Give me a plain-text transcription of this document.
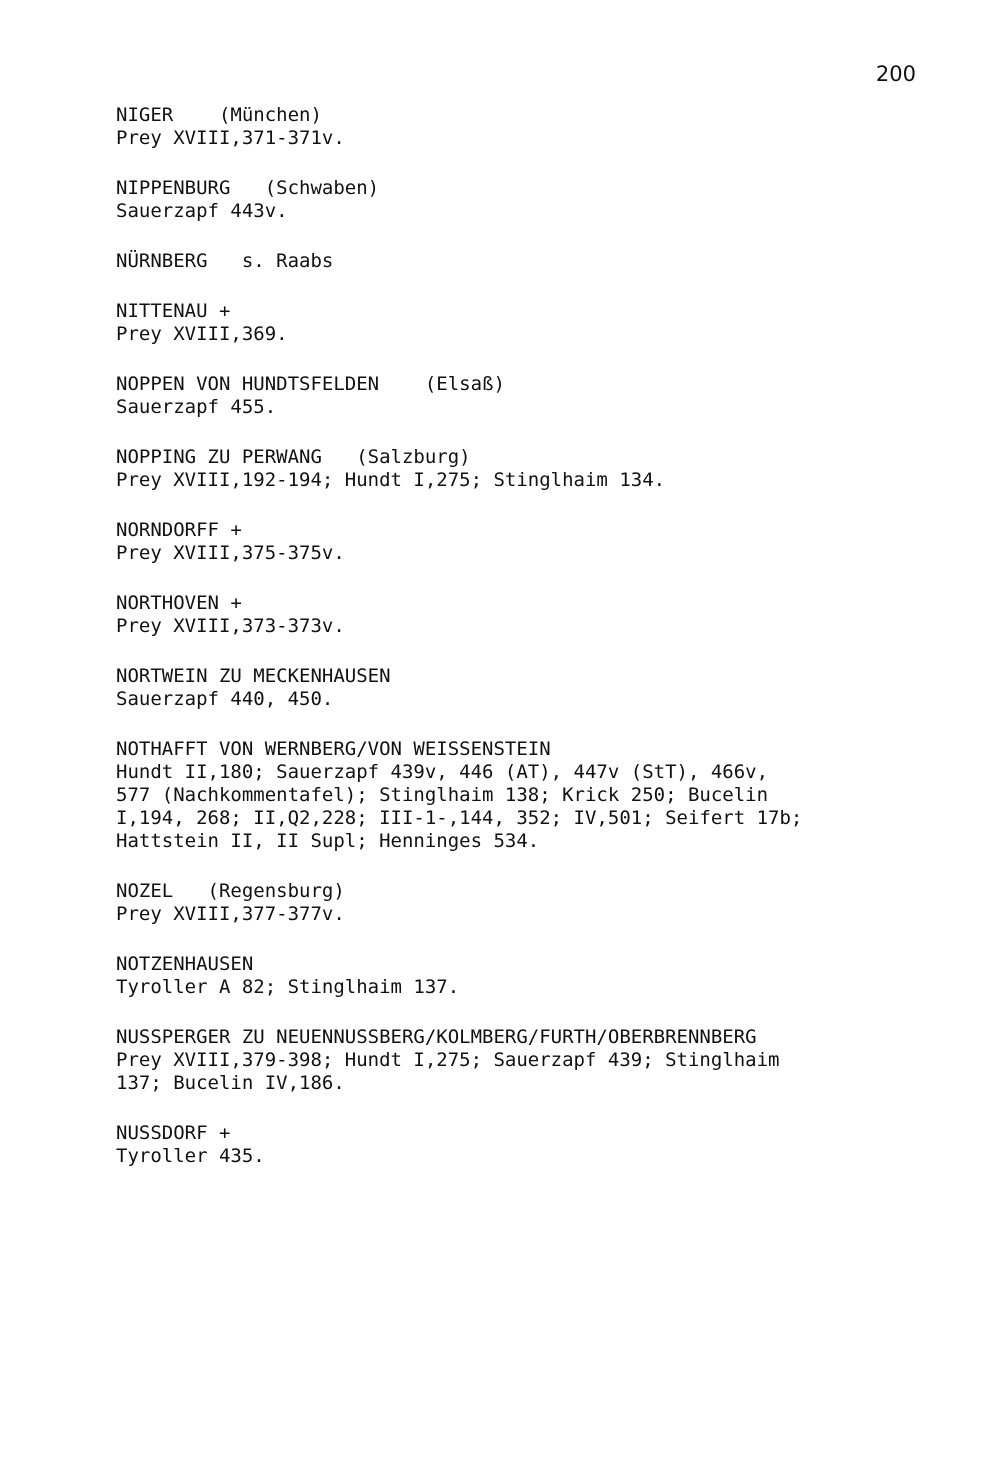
200
NIGER    (München)
Prey XVIII,371-371v.
NIPPENBURG   (Schwaben)
Sauerzapf 443v.
NÜRNBERG   s. Raabs
NITTENAU +
Prey XVIII,369.
NOPPEN VON HUNDTSFELDEN    (Elsaß)
Sauerzapf 455.
NOPPING ZU PERWANG   (Salzburg)
Prey XVIII,192-194; Hundt I,275; Stinglhaim 134.
NORNDORFF +
Prey XVIII,375-375v.
NORTHOVEN +
Prey XVIII,373-373v.
NORTWEIN ZU MECKENHAUSEN
Sauerzapf 440, 450.
NOTHAFFT VON WERNBERG/VON WEISSENSTEIN
Hundt II,180; Sauerzapf 439v, 446 (AT), 447v (StT), 466v,
577 (Nachkommentafel); Stinglhaim 138; Krick 250; Bucelin
I,194, 268; II,Q2,228; III-1-,144, 352; IV,501; Seifert 17b;
Hattstein II, II Supl; Henninges 534.
NOZEL   (Regensburg)
Prey XVIII,377-377v.
NOTZENHAUSEN
Tyroller A 82; Stinglhaim 137.
NUSSPERGER ZU NEUENNUSSBERG/KOLMBERG/FURTH/OBERBRENNBERG
Prey XVIII,379-398; Hundt I,275; Sauerzapf 439; Stinglhaim
137; Bucelin IV,186.
NUSSDORF +
Tyroller 435.
